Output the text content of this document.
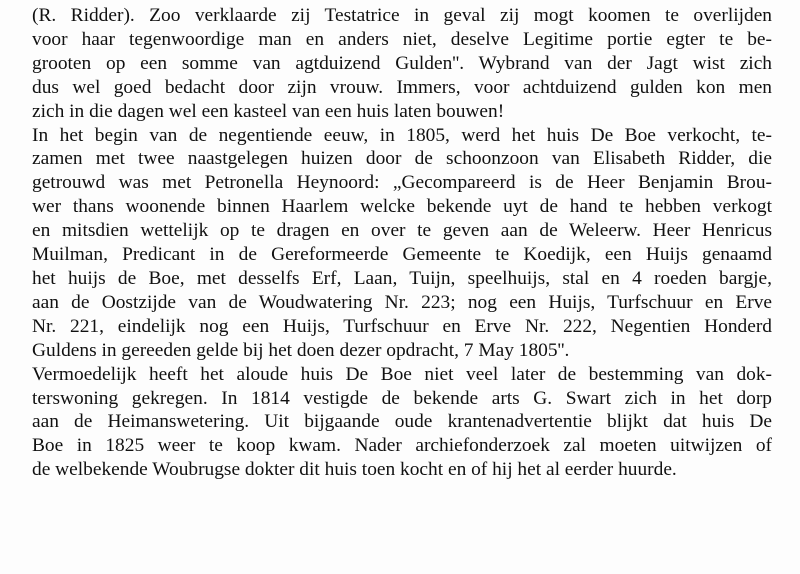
(R. Ridder). Zoo verklaarde zij Testatrice in geval zij mogt koomen te overlijden
voor haar tegenwoordige man en anders niet, deselve Legitime portie egter te be-
grooten op een somme van agtduizend Gulden''. Wybrand van der Jagt wist zich
dus wel goed bedacht door zijn vrouw. Immers, voor achtduizend gulden kon men
zich in die dagen wel een kasteel van een huis laten bouwen!
In het begin van de negentiende eeuw, in 1805, werd het huis De Boe verkocht, te-
zamen met twee naastgelegen huizen door de schoonzoon van Elisabeth Ridder, die
getrouwd was met Petronella Heynoord: „Gecompareerd is de Heer Benjamin Brou-
wer thans woonende binnen Haarlem welcke bekende uyt de hand te hebben verkogt
en mitsdien wettelijk op te dragen en over te geven aan de Weleerw. Heer Henricus
Muilman, Predicant in de Gereformeerde Gemeente te Koedijk, een Huijs genaamd
het huijs de Boe, met desselfs Erf, Laan, Tuijn, speelhuijs, stal en 4 roeden bargje,
aan de Oostzijde van de Woudwatering Nr. 223; nog een Huijs, Turfschuur en Erve
Nr. 221, eindelijk nog een Huijs, Turfschuur en Erve Nr. 222, Negentien Honderd
Guldens in gereeden gelde bij het doen dezer opdracht, 7 May 1805''.
Vermoedelijk heeft het aloude huis De Boe niet veel later de bestemming van dok-
terswoning gekregen. In 1814 vestigde de bekende arts G. Swart zich in het dorp
aan de Heimanswetering. Uit bijgaande oude krantenadvertentie blijkt dat huis De
Boe in 1825 weer te koop kwam. Nader archiefonderzoek zal moeten uitwijzen of
de welbekende Woubrugse dokter dit huis toen kocht en of hij het al eerder huurde.
